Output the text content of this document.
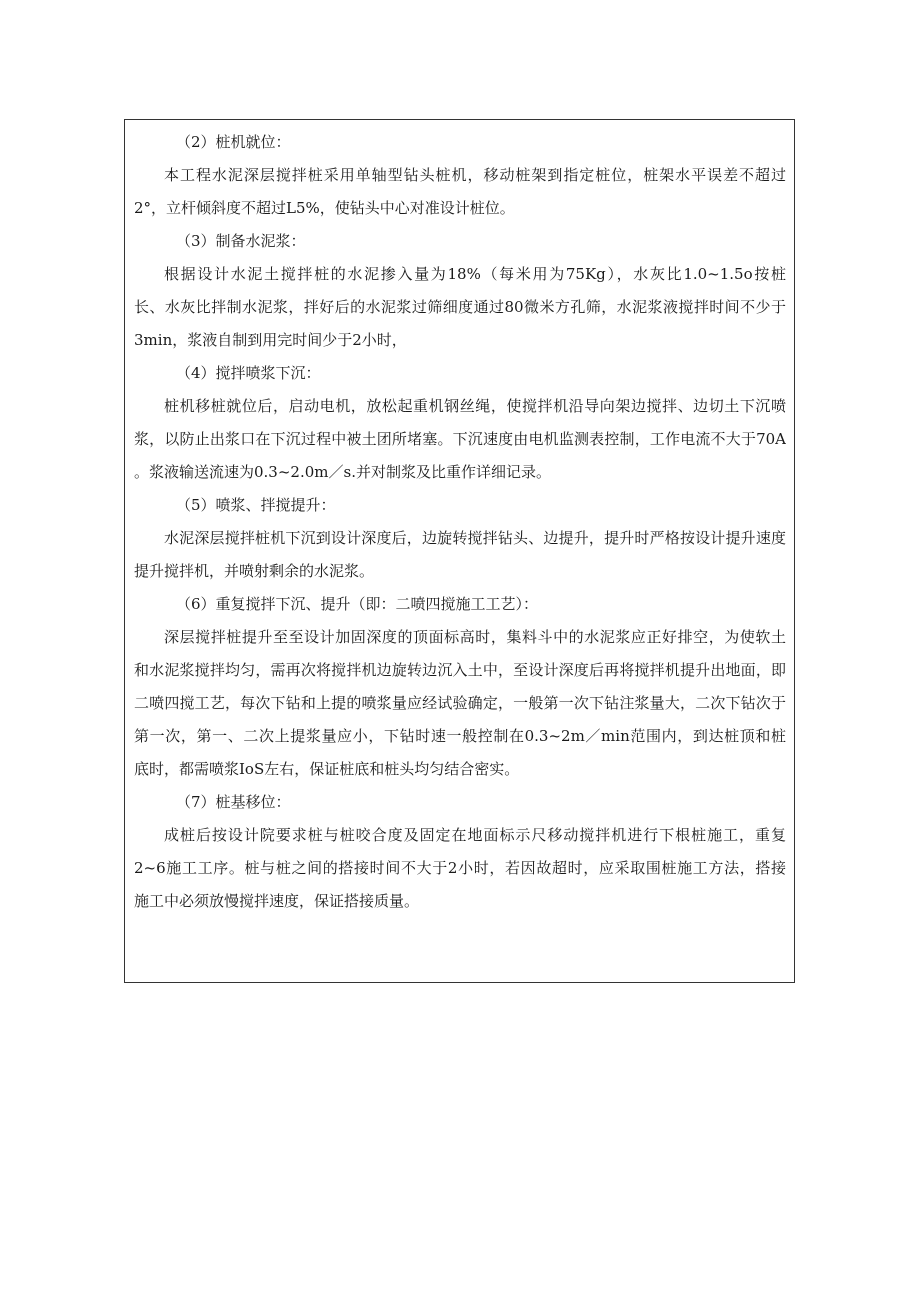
（2）桩机就位：
本工程水泥深层搅拌桩采用单轴型钻头桩机，移动桩架到指定桩位，桩架水平误差不超过
2°，立杆倾斜度不超过L5%，使钻头中心对准设计桩位。
（3）制备水泥浆：
根据设计水泥土搅拌桩的水泥掺入量为18%（每米用为75Kg），水灰比1.0~1.5o按桩
长、水灰比拌制水泥浆，拌好后的水泥浆过筛细度通过80微米方孔筛，水泥浆液搅拌时间不少于
3min，浆液自制到用完时间少于2小时，
（4）搅拌喷浆下沉：
桩机移桩就位后，启动电机，放松起重机钢丝绳，使搅拌机沿导向架边搅拌、边切土下沉喷
浆，以防止出浆口在下沉过程中被土团所堵塞。下沉速度由电机监测表控制，工作电流不大于70A
。浆液输送流速为0.3~2.0m／s.并对制浆及比重作详细记录。
（5）喷浆、拌搅提升：
水泥深层搅拌桩机下沉到设计深度后，边旋转搅拌钻头、边提升，提升时严格按设计提升速度
提升搅拌机，并喷射剩余的水泥浆。
（6）重复搅拌下沉、提升（即：二喷四搅施工工艺）：
深层搅拌桩提升至至设计加固深度的顶面标高时，集料斗中的水泥浆应正好排空，为使软土
和水泥浆搅拌均匀，需再次将搅拌机边旋转边沉入土中，至设计深度后再将搅拌机提升出地面，即
二喷四搅工艺，每次下钻和上提的喷浆量应经试验确定，一般第一次下钻注浆量大，二次下钻次于
第一次，第一、二次上提浆量应小，下钻时速一般控制在0.3~2m／min范围内，到达桩顶和桩
底时，都需喷浆IoS左右，保证桩底和桩头均匀结合密实。
（7）桩基移位：
成桩后按设计院要求桩与桩咬合度及固定在地面标示尺移动搅拌机进行下根桩施工，重复
2~6施工工序。桩与桩之间的搭接时间不大于2小时，若因故超时，应采取围桩施工方法，搭接
施工中必须放慢搅拌速度，保证搭接质量。
